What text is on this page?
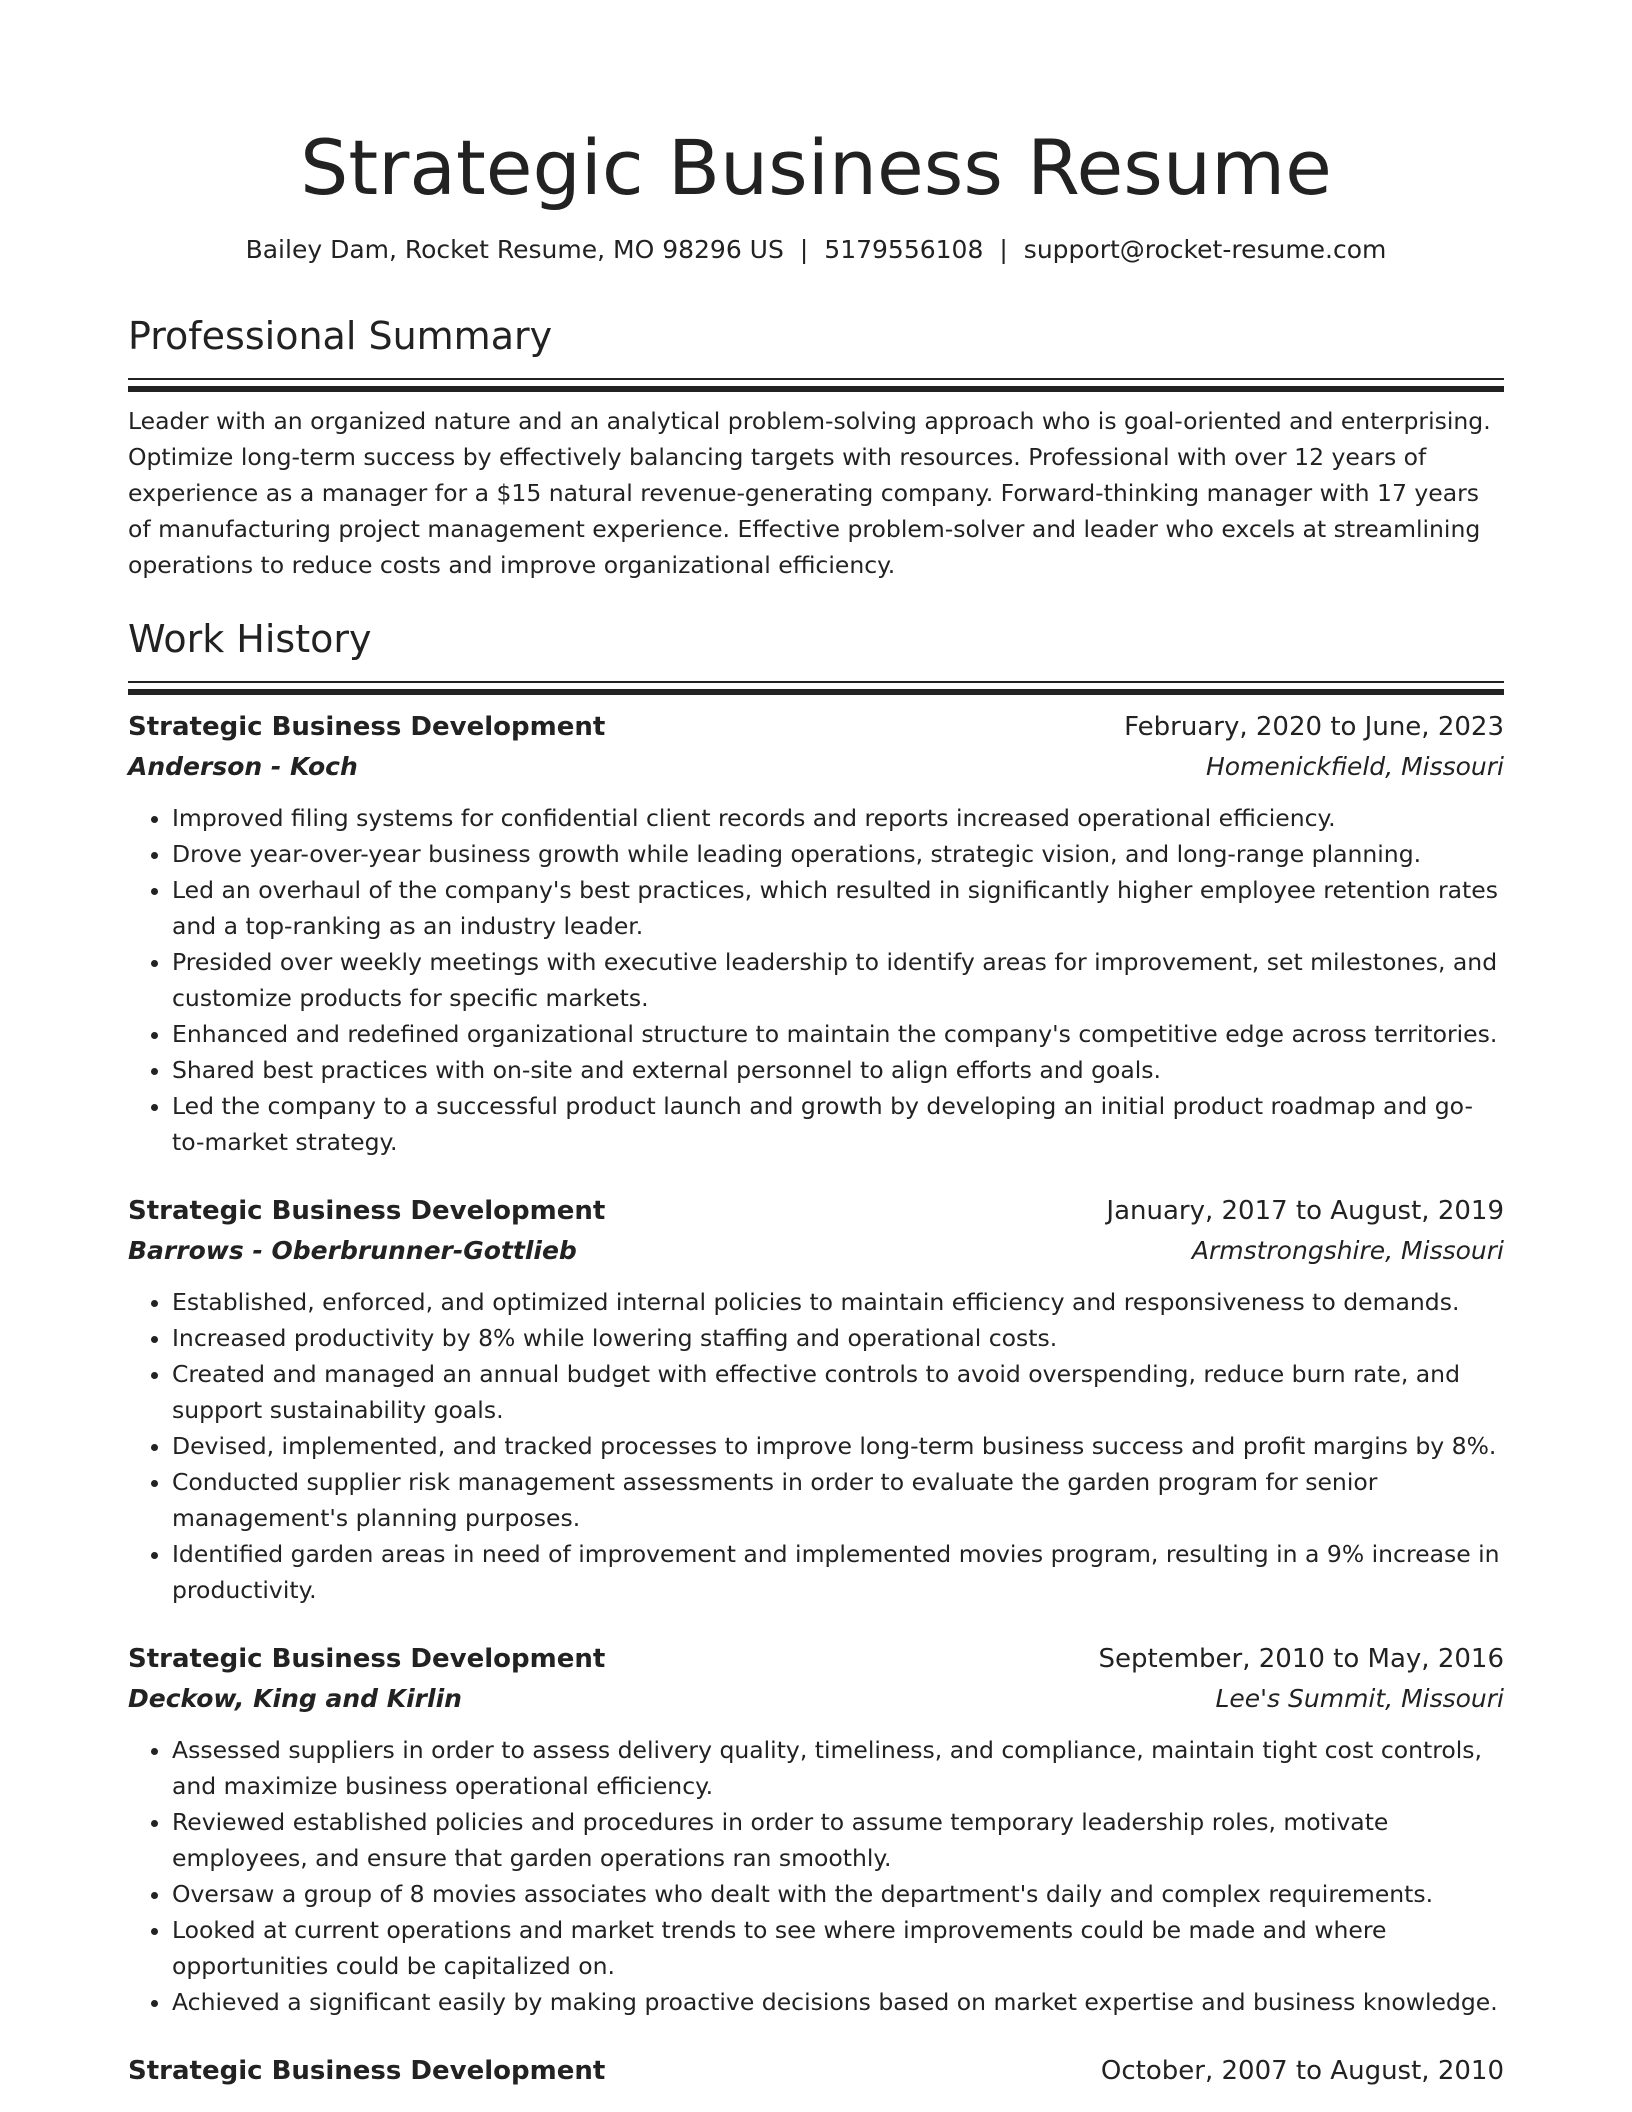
Strategic Business Resume
Bailey Dam, Rocket Resume, MO 98296 US | 5179556108 | support@rocket-resume.com
Professional Summary

Leader with an organized nature and an analytical problem-solving approach who is goal-oriented and enterprising. Optimize long-term success by effectively balancing targets with resources. Professional with over 12 years of experience as a manager for a $15 natural revenue-generating company. Forward-thinking manager with 17 years of manufacturing project management experience. Effective problem-solver and leader who excels at streamlining operations to reduce costs and improve organizational efficiency.

Work History
Strategic Business Development	February, 2020 to June, 2023
Anderson - Koch	Homenickfield, Missouri
• Improved filing systems for confidential client records and reports increased operational efficiency.
• Drove year-over-year business growth while leading operations, strategic vision, and long-range planning.
• Led an overhaul of the company's best practices, which resulted in significantly higher employee retention rates and a top-ranking as an industry leader.
• Presided over weekly meetings with executive leadership to identify areas for improvement, set milestones, and customize products for specific markets.
• Enhanced and redefined organizational structure to maintain the company's competitive edge across territories.
• Shared best practices with on-site and external personnel to align efforts and goals.
• Led the company to a successful product launch and growth by developing an initial product roadmap and go-to-market strategy.
Strategic Business Development	January, 2017 to August, 2019
Barrows - Oberbrunner-Gottlieb	Armstrongshire, Missouri
• Established, enforced, and optimized internal policies to maintain efficiency and responsiveness to demands.
• Increased productivity by 8% while lowering staffing and operational costs.
• Created and managed an annual budget with effective controls to avoid overspending, reduce burn rate, and support sustainability goals.
• Devised, implemented, and tracked processes to improve long-term business success and profit margins by 8%.
• Conducted supplier risk management assessments in order to evaluate the garden program for senior management's planning purposes.
• Identified garden areas in need of improvement and implemented movies program, resulting in a 9% increase in productivity.
Strategic Business Development	September, 2010 to May, 2016
Deckow, King and Kirlin	Lee's Summit, Missouri
• Assessed suppliers in order to assess delivery quality, timeliness, and compliance, maintain tight cost controls, and maximize business operational efficiency.
• Reviewed established policies and procedures in order to assume temporary leadership roles, motivate employees, and ensure that garden operations ran smoothly.
• Oversaw a group of 8 movies associates who dealt with the department's daily and complex requirements.
• Looked at current operations and market trends to see where improvements could be made and where opportunities could be capitalized on.
• Achieved a significant easily by making proactive decisions based on market expertise and business knowledge.
Strategic Business Development	October, 2007 to August, 2010
